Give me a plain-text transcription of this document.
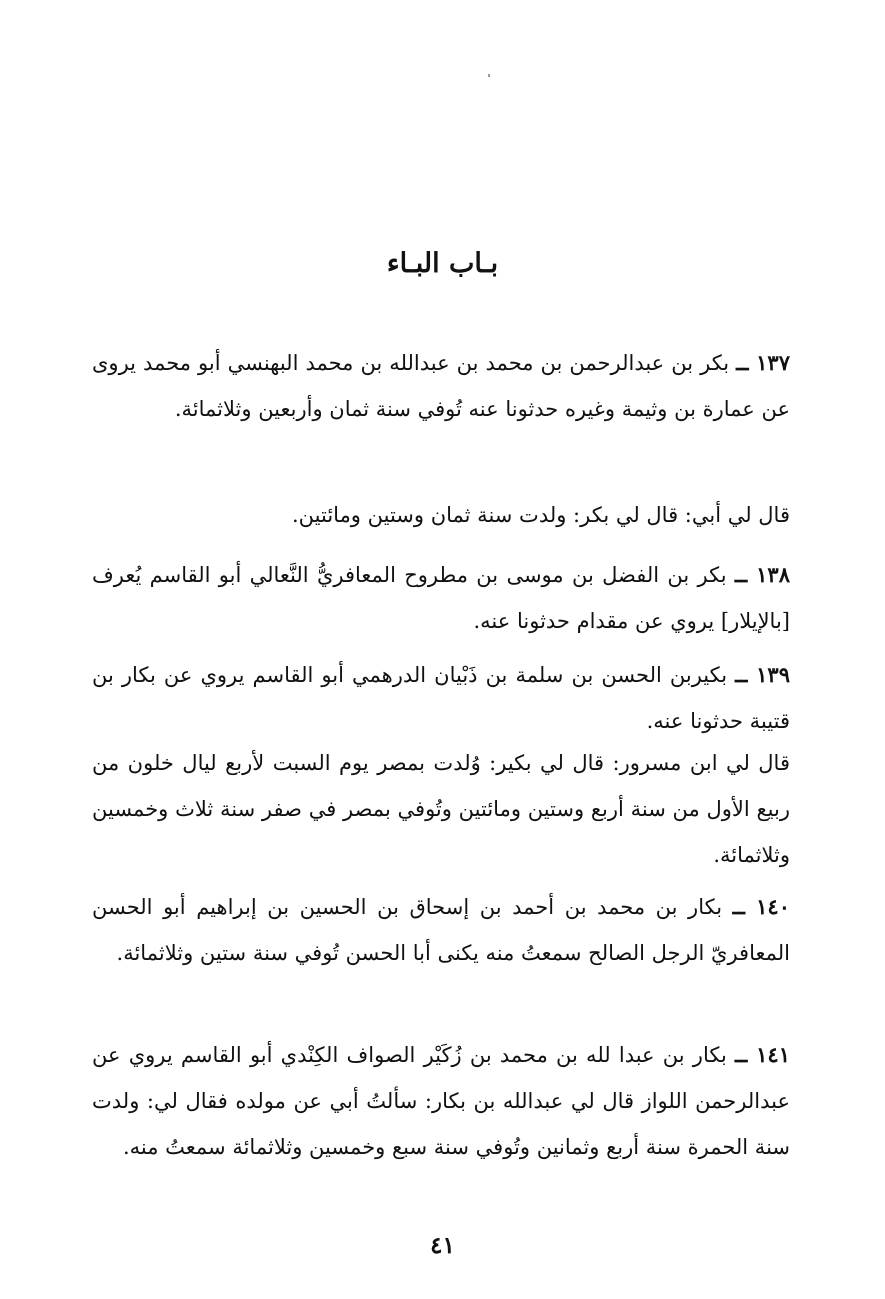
بـاب البـاء

١٣٧ ــ بكر بن عبدالرحمن بن محمد بن عبدالله بن محمد البهنسي أبو محمد يروى عن عمارة بن وثيمة وغيره حدثونا عنه تُوفي سنة ثمان وأربعين وثلاثمائة.

قال لي أبي: قال لي بكر: ولدت سنة ثمان وستين ومائتين.

١٣٨ ــ بكر بن الفضل بن موسى بن مطروح المعافريُّ النَّعالي أبو القاسم يُعرف [بالإيلار] يروي عن مقدام حدثونا عنه.

١٣٩ ــ بكيربن الحسن بن سلمة بن ذَبْيان الدرهمي أبو القاسم يروي عن بكار بن قتيبة حدثونا عنه.

قال لي ابن مسرور: قال لي بكير: وُلدت بمصر يوم السبت لأربع ليال خلون من ربيع الأول من سنة أربع وستين ومائتين وتُوفي بمصر في صفر سنة ثلاث وخمسين وثلاثمائة.

١٤٠ ــ بكار بن محمد بن أحمد بن إسحاق بن الحسين بن إبراهيم أبو الحسن المعافريّ الرجل الصالح سمعتُ منه يكنى أبا الحسن تُوفي سنة ستين وثلاثمائة.

١٤١ ــ بكار بن عبدا لله بن محمد بن زُكَيْر الصواف الكِنْدي أبو القاسم يروي عن عبدالرحمن اللواز قال لي عبدالله بن بكار: سألتُ أبي عن مولده فقال لي: ولدت سنة الحمرة سنة أربع وثمانين وتُوفي سنة سبع وخمسين وثلاثمائة سمعتُ منه.

٤١
